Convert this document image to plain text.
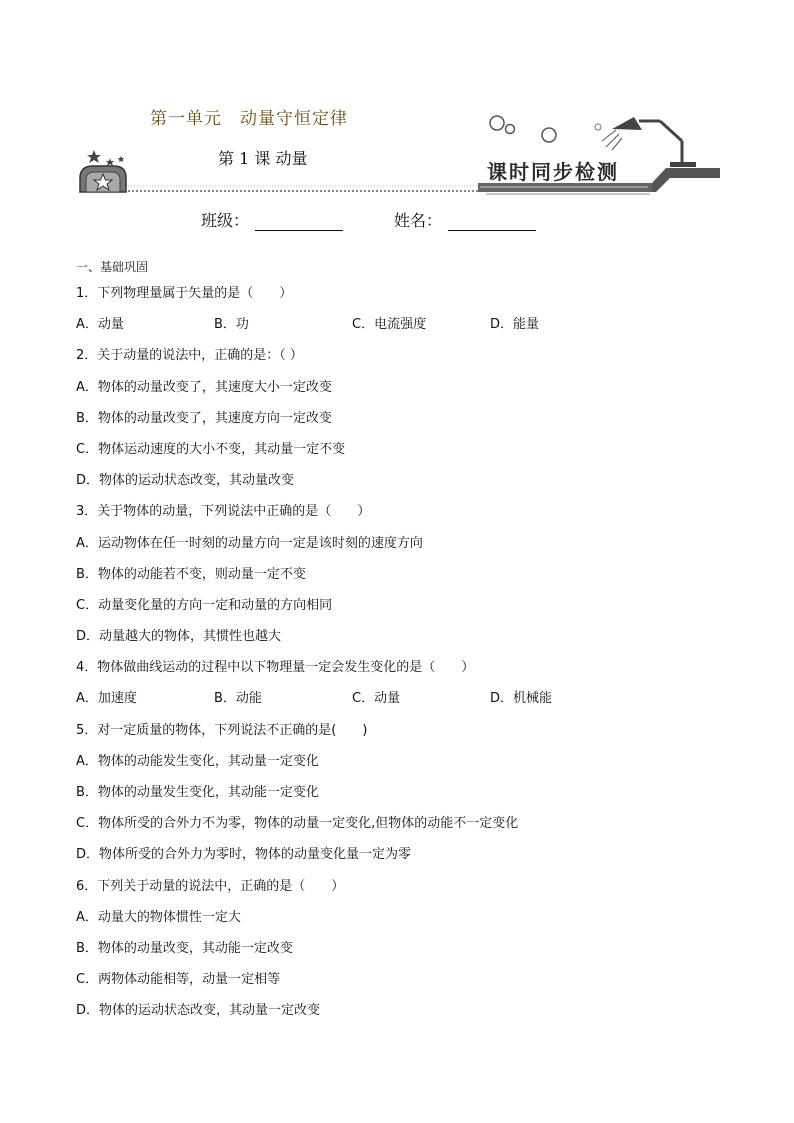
第一单元　动量守恒定律
第 1 课 动量
课时同步检测
班级：	姓名：
一、基础巩固
1．下列物理量属于矢量的是（　　）
A．动量	B．功	C．电流强度	D．能量
2．关于动量的说法中，正确的是：（ ）
A．物体的动量改变了，其速度大小一定改变
B．物体的动量改变了，其速度方向一定改变
C．物体运动速度的大小不变，其动量一定不变
D．物体的运动状态改变，其动量改变
3．关于物体的动量，下列说法中正确的是（　　）
A．运动物体在任一时刻的动量方向一定是该时刻的速度方向
B．物体的动能若不变，则动量一定不变
C．动量变化量的方向一定和动量的方向相同
D．动量越大的物体，其惯性也越大
4．物体做曲线运动的过程中以下物理量一定会发生变化的是（　　）
A．加速度	B．动能	C．动量	D．机械能
5．对一定质量的物体，下列说法不正确的是(　　)
A．物体的动能发生变化，其动量一定变化
B．物体的动量发生变化，其动能一定变化
C．物体所受的合外力不为零，物体的动量一定变化,但物体的动能不一定变化
D．物体所受的合外力为零时，物体的动量变化量一定为零
6．下列关于动量的说法中，正确的是（　　）
A．动量大的物体惯性一定大
B．物体的动量改变，其动能一定改变
C．两物体动能相等，动量一定相等
D．物体的运动状态改变，其动量一定改变
